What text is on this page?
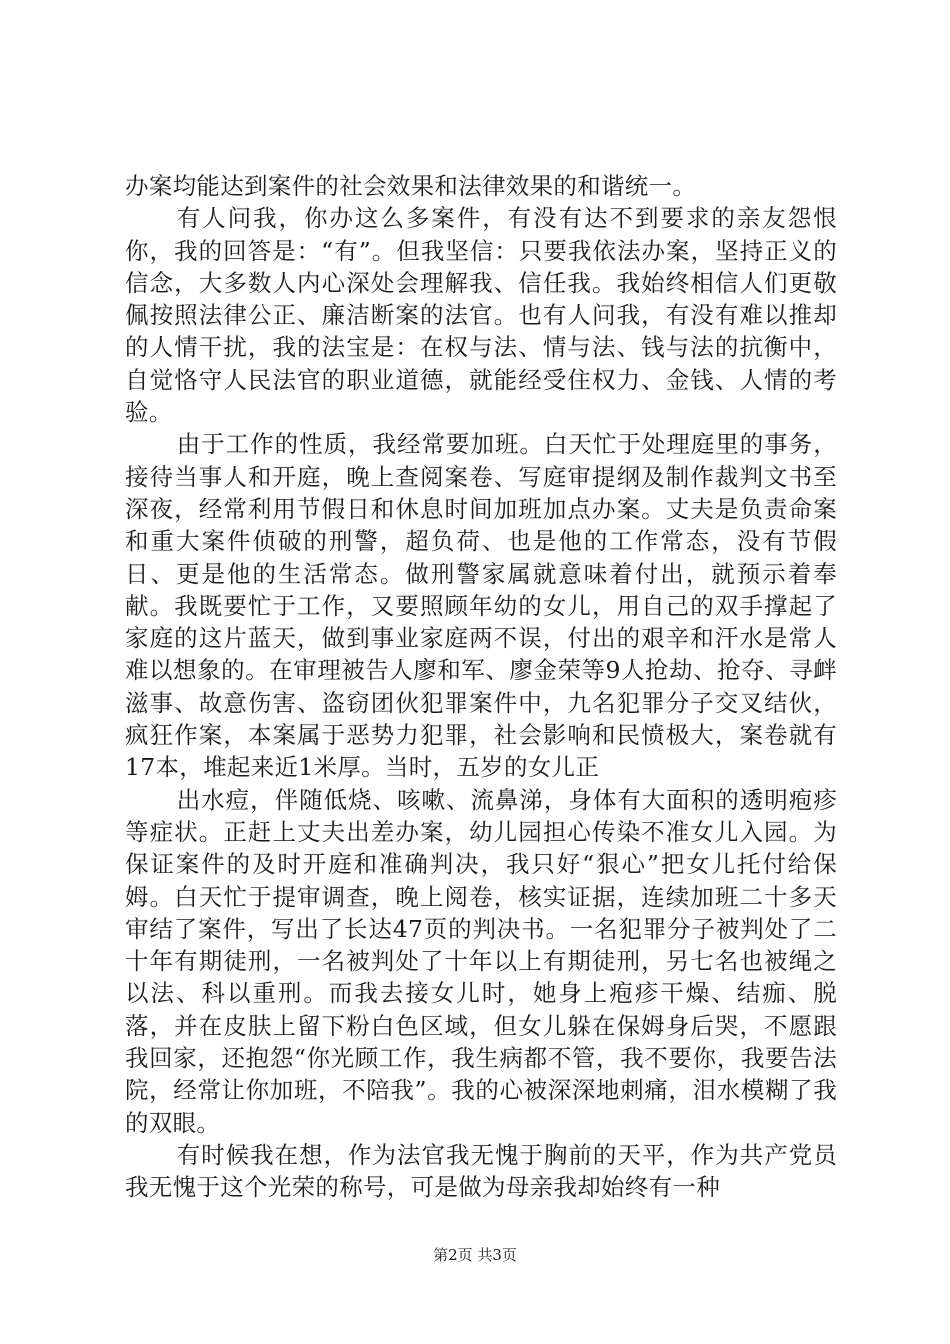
办案均能达到案件的社会效果和法律效果的和谐统一。

有人问我，你办这么多案件，有没有达不到要求的亲友怨恨你，我的回答是：“有”。但我坚信：只要我依法办案，坚持正义的信念，大多数人内心深处会理解我、信任我。我始终相信人们更敬佩按照法律公正、廉洁断案的法官。也有人问我，有没有难以推却的人情干扰，我的法宝是：在权与法、情与法、钱与法的抗衡中，自觉恪守人民法官的职业道德，就能经受住权力、金钱、人情的考验。

由于工作的性质，我经常要加班。白天忙于处理庭里的事务，接待当事人和开庭，晚上查阅案卷、写庭审提纲及制作裁判文书至深夜，经常利用节假日和休息时间加班加点办案。丈夫是负责命案和重大案件侦破的刑警，超负荷、也是他的工作常态，没有节假日、更是他的生活常态。做刑警家属就意味着付出，就预示着奉献。我既要忙于工作，又要照顾年幼的女儿，用自己的双手撑起了家庭的这片蓝天，做到事业家庭两不误，付出的艰辛和汗水是常人难以想象的。在审理被告人廖和军、廖金荣等9人抢劫、抢夺、寻衅滋事、故意伤害、盗窃团伙犯罪案件中，九名犯罪分子交叉结伙，疯狂作案，本案属于恶势力犯罪，社会影响和民愤极大，案卷就有17本，堆起来近1米厚。当时，五岁的女儿正

出水痘，伴随低烧、咳嗽、流鼻涕，身体有大面积的透明疱疹等症状。正赶上丈夫出差办案，幼儿园担心传染不准女儿入园。为保证案件的及时开庭和准确判决，我只好“狠心”把女儿托付给保姆。白天忙于提审调查，晚上阅卷，核实证据，连续加班二十多天审结了案件，写出了长达47页的判决书。一名犯罪分子被判处了二十年有期徒刑，一名被判处了十年以上有期徒刑，另七名也被绳之以法、科以重刑。而我去接女儿时，她身上疱疹干燥、结痂、脱落，并在皮肤上留下粉白色区域，但女儿躲在保姆身后哭，不愿跟我回家，还抱怨“你光顾工作，我生病都不管，我不要你，我要告法院，经常让你加班，不陪我”。我的心被深深地刺痛，泪水模糊了我的双眼。

有时候我在想，作为法官我无愧于胸前的天平，作为共产党员我无愧于这个光荣的称号，可是做为母亲我却始终有一种

第2页 共3页
